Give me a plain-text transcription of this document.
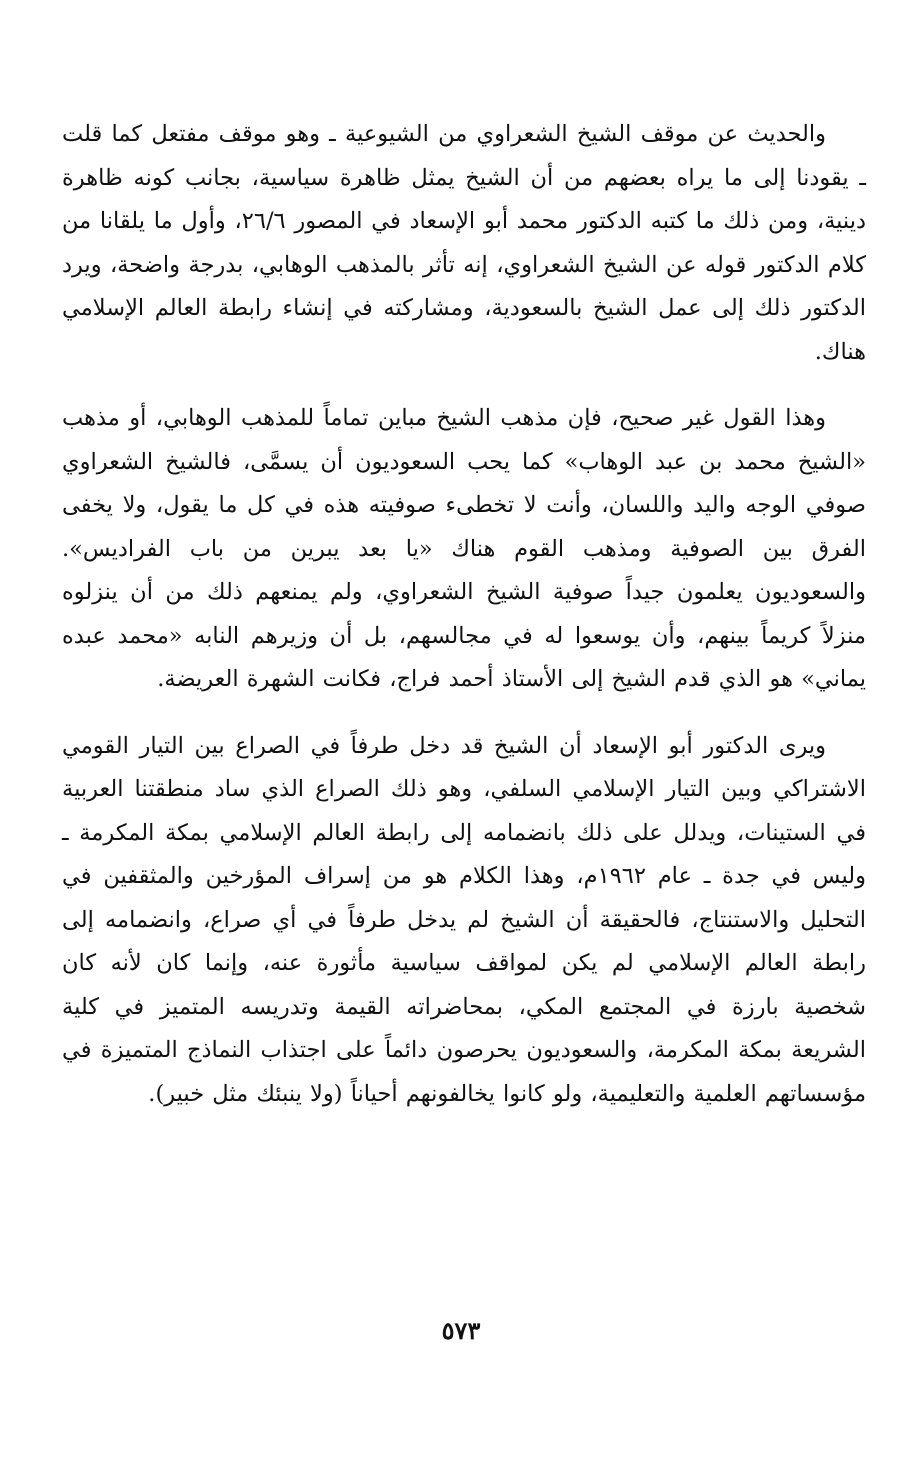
والحديث عن موقف الشيخ الشعراوي من الشيوعية ـ وهو موقف مفتعل كما قلت ـ يقودنا إلى ما يراه بعضهم من أن الشيخ يمثل ظاهرة سياسية، بجانب كونه ظاهرة دينية، ومن ذلك ما كتبه الدكتور محمد أبو الإسعاد في المصور ٢٦/٦، وأول ما يلقانا من كلام الدكتور قوله عن الشيخ الشعراوي، إنه تأثر بالمذهب الوهابي، بدرجة واضحة، ويرد الدكتور ذلك إلى عمل الشيخ بالسعودية، ومشاركته في إنشاء رابطة العالم الإسلامي هناك.

وهذا القول غير صحيح، فإن مذهب الشيخ مباين تماماً للمذهب الوهابي، أو مذهب «الشيخ محمد بن عبد الوهاب» كما يحب السعوديون أن يسمَّى، فالشيخ الشعراوي صوفي الوجه واليد واللسان، وأنت لا تخطىء صوفيته هذه في كل ما يقول، ولا يخفى الفرق بين الصوفية ومذهب القوم هناك «يا بعد يبرين من باب الفراديس». والسعوديون يعلمون جيداً صوفية الشيخ الشعراوي، ولم يمنعهم ذلك من أن ينزلوه منزلاً كريماً بينهم، وأن يوسعوا له في مجالسهم، بل أن وزيرهم النابه «محمد عبده يماني» هو الذي قدم الشيخ إلى الأستاذ أحمد فراج، فكانت الشهرة العريضة.

ويرى الدكتور أبو الإسعاد أن الشيخ قد دخل طرفاً في الصراع بين التيار القومي الاشتراكي وبين التيار الإسلامي السلفي، وهو ذلك الصراع الذي ساد منطقتنا العربية في الستينات، ويدلل على ذلك بانضمامه إلى رابطة العالم الإسلامي بمكة المكرمة ـ وليس في جدة ـ عام ١٩٦٢م، وهذا الكلام هو من إسراف المؤرخين والمثقفين في التحليل والاستنتاج، فالحقيقة أن الشيخ لم يدخل طرفاً في أي صراع، وانضمامه إلى رابطة العالم الإسلامي لم يكن لمواقف سياسية مأثورة عنه، وإنما كان لأنه كان شخصية بارزة في المجتمع المكي، بمحاضراته القيمة وتدريسه المتميز في كلية الشريعة بمكة المكرمة، والسعوديون يحرصون دائماً على اجتذاب النماذج المتميزة في مؤسساتهم العلمية والتعليمية، ولو كانوا يخالفونهم أحياناً (ولا ينبئك مثل خبير).

٥٧٣
